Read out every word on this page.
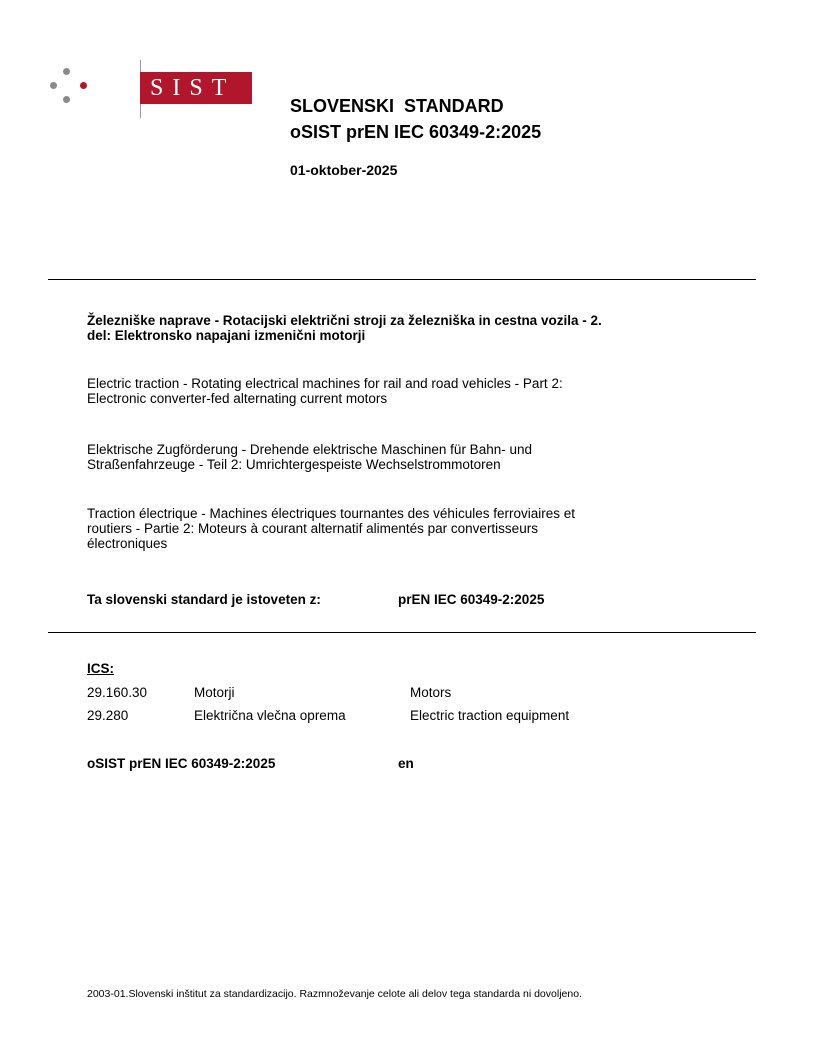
SIST
SLOVENSKI  STANDARD
oSIST prEN IEC 60349-2:2025
01-oktober-2025
Železniške naprave - Rotacijski električni stroji za železniška in cestna vozila - 2.
del: Elektronsko napajani izmenični motorji
Electric traction - Rotating electrical machines for rail and road vehicles - Part 2:
Electronic converter-fed alternating current motors
Elektrische Zugförderung - Drehende elektrische Maschinen für Bahn- und
Straßenfahrzeuge - Teil 2: Umrichtergespeiste Wechselstrommotoren
Traction électrique - Machines électriques tournantes des véhicules ferroviaires et
routiers - Partie 2: Moteurs à courant alternatif alimentés par convertisseurs
électroniques
Ta slovenski standard je istoveten z:	prEN IEC 60349-2:2025
ICS:
29.160.30	Motorji	Motors
29.280	Električna vlečna oprema	Electric traction equipment
oSIST prEN IEC 60349-2:2025	en
2003-01.Slovenski inštitut za standardizacijo. Razmnoževanje celote ali delov tega standarda ni dovoljeno.
